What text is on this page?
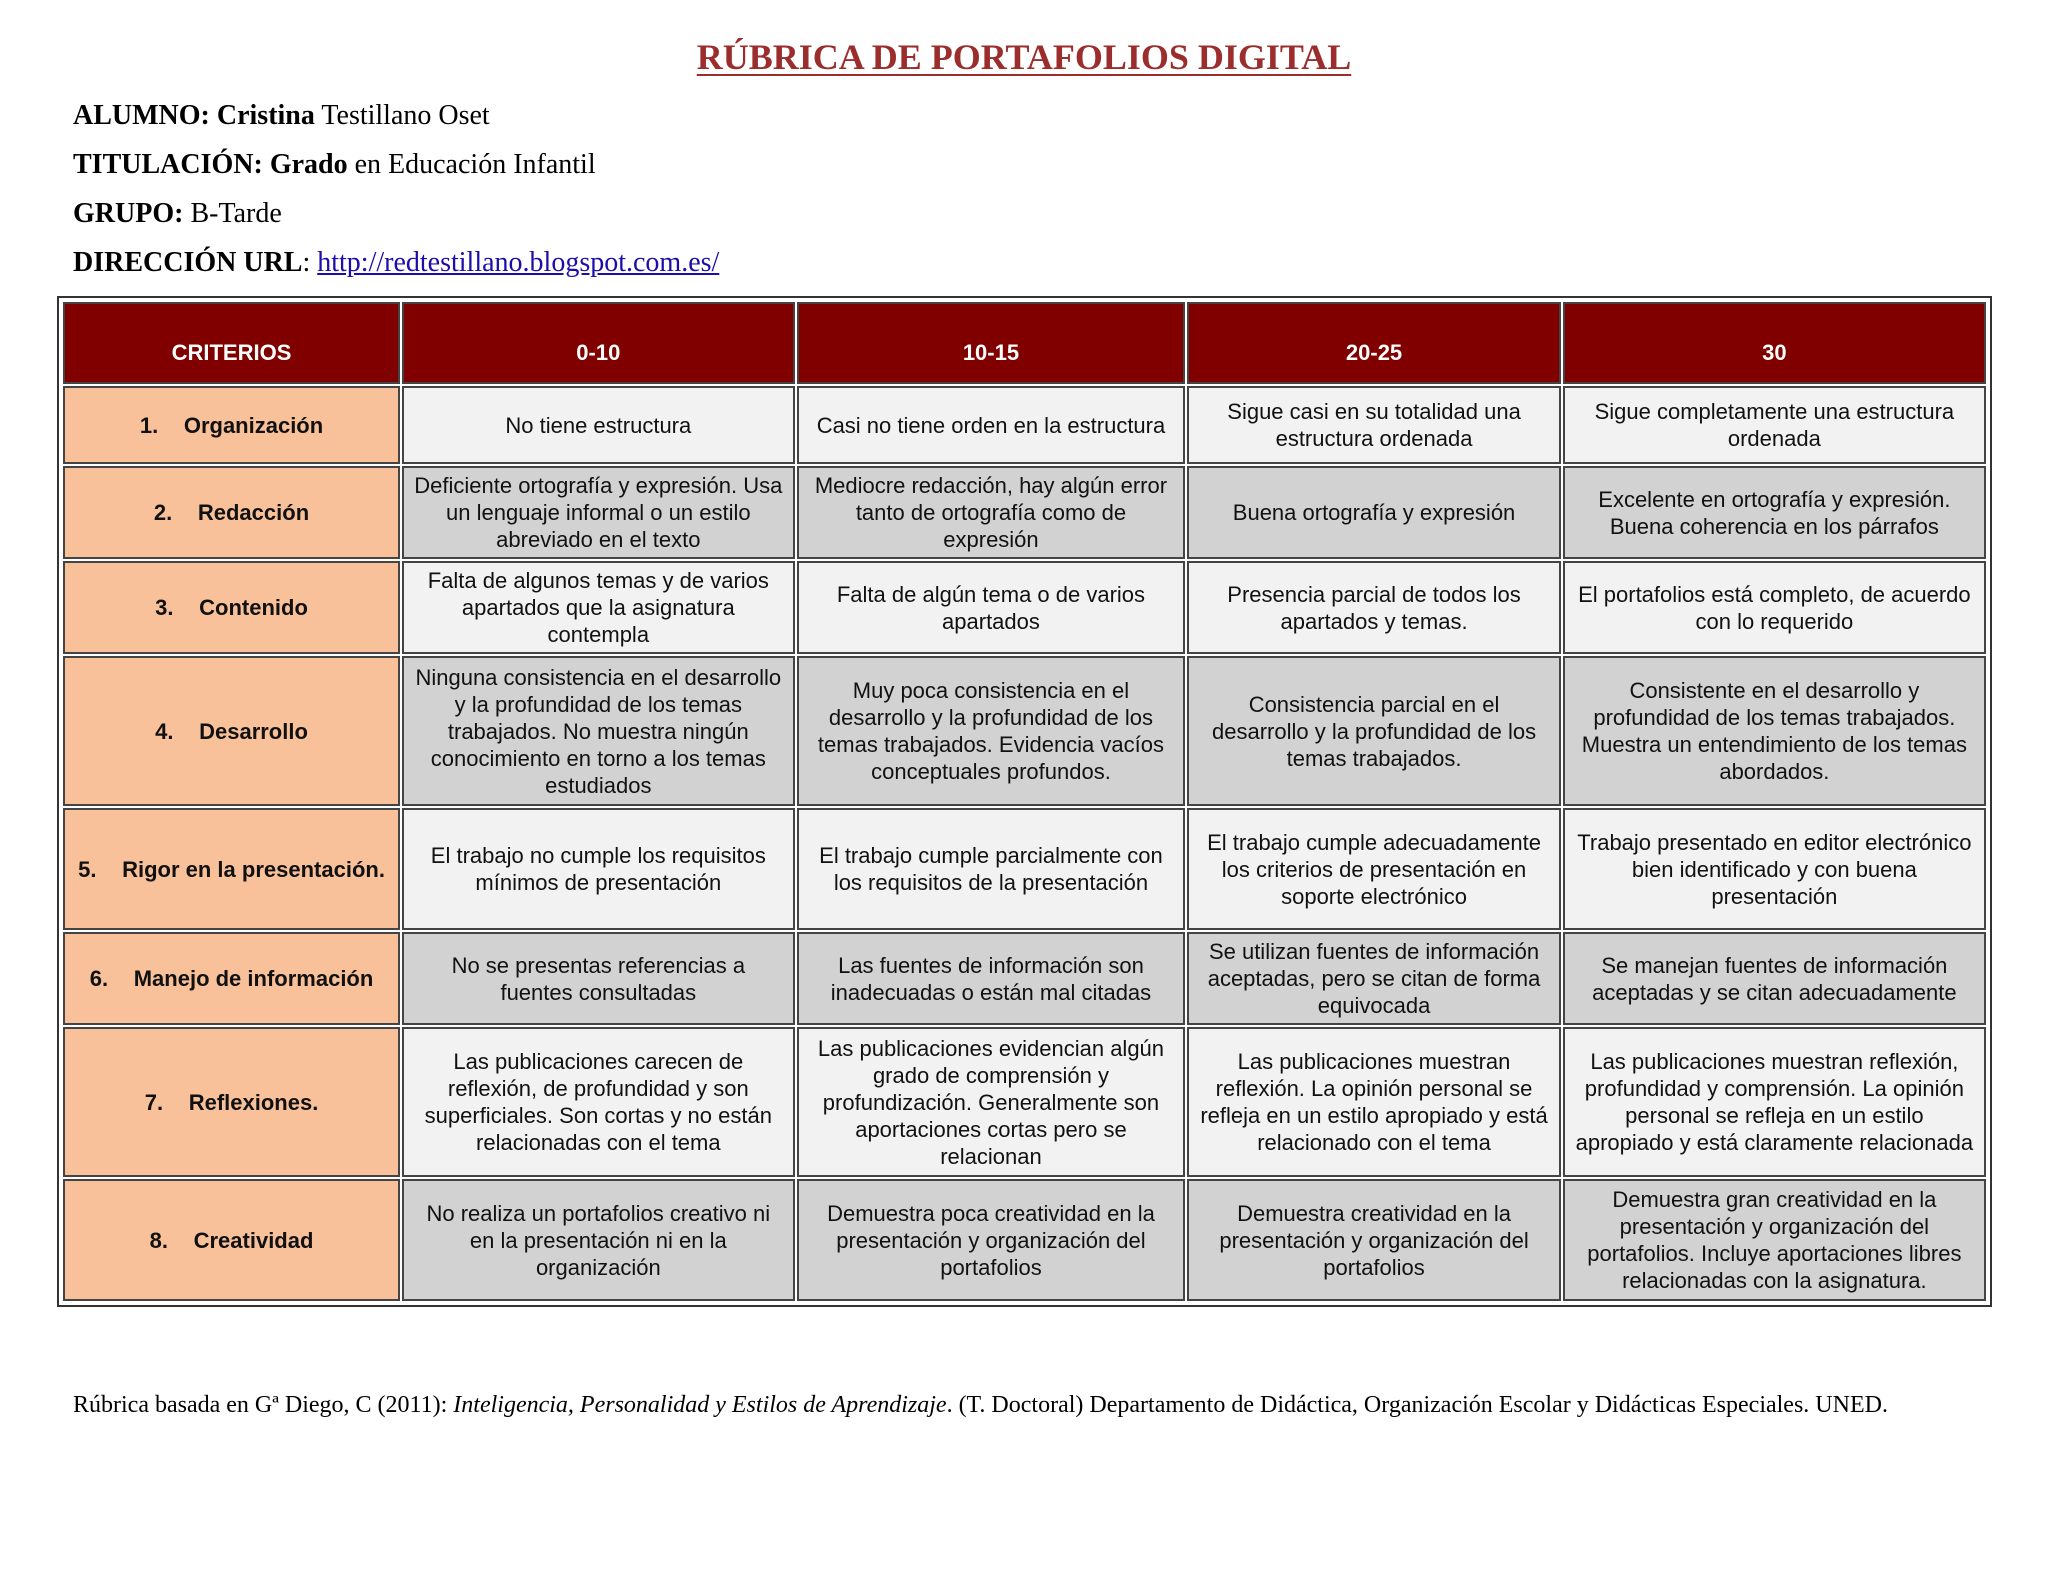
RÚBRICA DE PORTAFOLIOS DIGITAL
ALUMNO: Cristina Testillano Oset
TITULACIÓN: Grado en Educación Infantil
GRUPO: B-Tarde
DIRECCIÓN URL: http://redtestillano.blogspot.com.es/
CRITERIOS	0-10	10-15	20-25	30

1. Organización	No tiene estructura	Casi no tiene orden en la estructura	Sigue casi en su totalidad una estructura ordenada	Sigue completamente una estructura ordenada

2. Redacción	Deficiente ortografía y expresión. Usa un lenguaje informal o un estilo abreviado en el texto	Mediocre redacción, hay algún error tanto de ortografía como de expresión	Buena ortografía y expresión	Excelente en ortografía y expresión. Buena coherencia en los párrafos

3. Contenido	Falta de algunos temas y de varios apartados que la asignatura contempla	Falta de algún tema o de varios apartados	Presencia parcial de todos los apartados y temas.	El portafolios está completo, de acuerdo con lo requerido

4. Desarrollo	Ninguna consistencia en el desarrollo y la profundidad de los temas trabajados. No muestra ningún conocimiento en torno a los temas estudiados	Muy poca consistencia en el desarrollo y la profundidad de los temas trabajados. Evidencia vacíos conceptuales profundos.	Consistencia parcial en el desarrollo y la profundidad de los temas trabajados.	Consistente en el desarrollo y profundidad de los temas trabajados. Muestra un entendimiento de los temas abordados.

5. Rigor en la presentación.	El trabajo no cumple los requisitos mínimos de presentación	El trabajo cumple parcialmente con los requisitos de la presentación	El trabajo cumple adecuadamente los criterios de presentación en soporte electrónico	Trabajo presentado en editor electrónico bien identificado y con buena presentación

6. Manejo de información	No se presentas referencias a fuentes consultadas	Las fuentes de información son inadecuadas o están mal citadas	Se utilizan fuentes de información aceptadas, pero se citan de forma equivocada	Se manejan fuentes de información aceptadas y se citan adecuadamente

7. Reflexiones.	Las publicaciones carecen de reflexión, de profundidad y son superficiales. Son cortas y no están relacionadas con el tema	Las publicaciones evidencian algún grado de comprensión y profundización. Generalmente son aportaciones cortas pero se relacionan	Las publicaciones muestran reflexión. La opinión personal se refleja en un estilo apropiado y está relacionado con el tema	Las publicaciones muestran reflexión, profundidad y comprensión. La opinión personal se refleja en un estilo apropiado y está claramente relacionada

8. Creatividad	No realiza un portafolios creativo ni en la presentación ni en la organización	Demuestra poca creatividad en la presentación y organización del portafolios	Demuestra creatividad en la presentación y organización del portafolios	Demuestra gran creatividad en la presentación y organización del portafolios. Incluye aportaciones libres relacionadas con la asignatura.
Rúbrica basada en Gª Diego, C (2011): Inteligencia, Personalidad y Estilos de Aprendizaje. (T. Doctoral) Departamento de Didáctica, Organización Escolar y Didácticas Especiales. UNED.
